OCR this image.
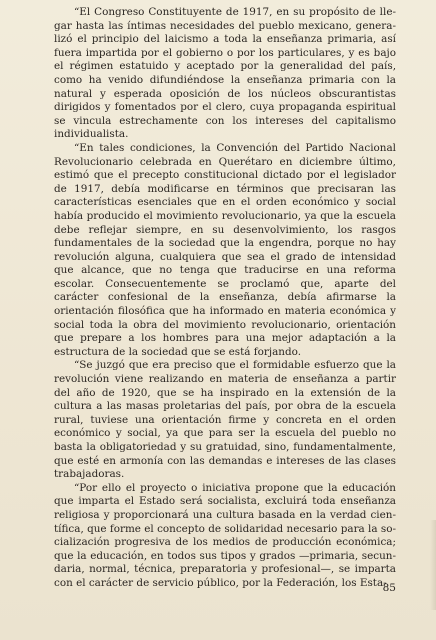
“El Congreso Constituyente de 1917, en su propósito de llegar hasta las íntimas necesidades del pueblo mexicano, generalizó el principio del laicismo a toda la enseñanza primaria, así fuera impartida por el gobierno o por los particulares, y es bajo el régimen estatuido y aceptado por la generalidad del país, como ha venido difundiéndose la enseñanza primaria con la natural y esperada oposición de los núcleos obscurantistas dirigidos y fomentados por el clero, cuya propaganda espiritual se vincula estrechamente con los intereses del capitalismo individualista.

“En tales condiciones, la Convención del Partido Nacional Revolucionario celebrada en Querétaro en diciembre último, estimó que el precepto constitucional dictado por el legislador de 1917, debía modificarse en términos que precisaran las características esenciales que en el orden económico y social había producido el movimiento revolucionario, ya que la escuela debe reflejar siempre, en su desenvolvimiento, los rasgos fundamentales de la sociedad que la engendra, porque no hay revolución alguna, cualquiera que sea el grado de intensidad que alcance, que no tenga que traducirse en una reforma escolar. Consecuentemente se proclamó que, aparte del carácter confesional de la enseñanza, debía afirmarse la orientación filosófica que ha informado en materia económica y social toda la obra del movimiento revolucionario, orientación que prepare a los hombres para una mejor adaptación a la estructura de la sociedad que se está forjando.

“Se juzgó que era preciso que el formidable esfuerzo que la revolución viene realizando en materia de enseñanza a partir del año de 1920, que se ha inspirado en la extensión de la cultura a las masas proletarias del país, por obra de la escuela rural, tuviese una orientación firme y concreta en el orden económico y social, ya que para ser la escuela del pueblo no basta la obligatoriedad y su gratuidad, sino, fundamentalmente, que esté en armonía con las demandas e intereses de las clases trabajadoras.

“Por ello el proyecto o iniciativa propone que la educación que imparta el Estado será socialista, excluirá toda enseñanza religiosa y proporcionará una cultura basada en la verdad científica, que forme el concepto de solidaridad necesario para la socialización progresiva de los medios de producción económica; que la educación, en todos sus tipos y grados —primaria, secundaria, normal, técnica, preparatoria y profesional—, se imparta con el carácter de servicio público, por la Federación, los Esta-

85
